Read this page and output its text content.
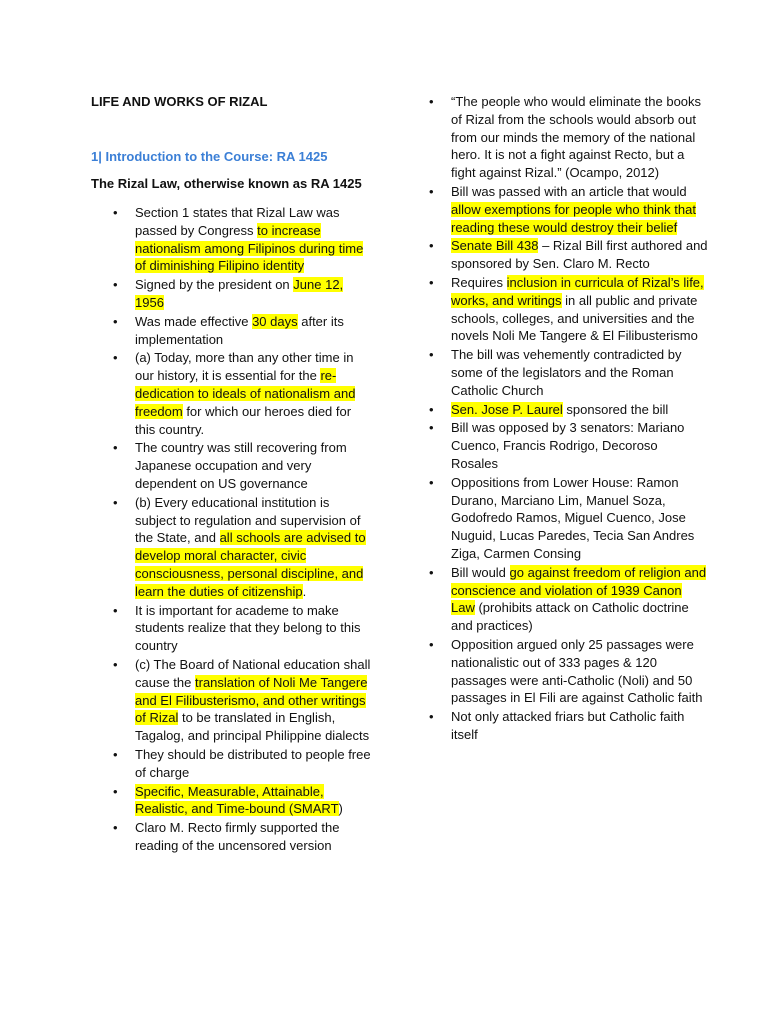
LIFE AND WORKS OF RIZAL
1| Introduction to the Course: RA 1425
The Rizal Law, otherwise known as RA 1425
• Section 1 states that Rizal Law was passed by Congress to increase nationalism among Filipinos during time of diminishing Filipino identity
• Signed by the president on June 12, 1956
• Was made effective 30 days after its implementation
• (a) Today, more than any other time in our history, it is essential for the re-dedication to ideals of nationalism and freedom for which our heroes died for this country.
• The country was still recovering from Japanese occupation and very dependent on US governance
• (b) Every educational institution is subject to regulation and supervision of the State, and all schools are advised to develop moral character, civic consciousness, personal discipline, and learn the duties of citizenship.
• It is important for academe to make students realize that they belong to this country
• (c) The Board of National education shall cause the translation of Noli Me Tangere and El Filibusterismo, and other writings of Rizal to be translated in English, Tagalog, and principal Philippine dialects
• They should be distributed to people free of charge
• Specific, Measurable, Attainable, Realistic, and Time-bound (SMART)
• Claro M. Recto firmly supported the reading of the uncensored version
• “The people who would eliminate the books of Rizal from the schools would absorb out from our minds the memory of the national hero. It is not a fight against Recto, but a fight against Rizal.” (Ocampo, 2012)
• Bill was passed with an article that would allow exemptions for people who think that reading these would destroy their belief
• Senate Bill 438 – Rizal Bill first authored and sponsored by Sen. Claro M. Recto
• Requires inclusion in curricula of Rizal’s life, works, and writings in all public and private schools, colleges, and universities and the novels Noli Me Tangere & El Filibusterismo
• The bill was vehemently contradicted by some of the legislators and the Roman Catholic Church
• Sen. Jose P. Laurel sponsored the bill
• Bill was opposed by 3 senators: Mariano Cuenco, Francis Rodrigo, Decoroso Rosales
• Oppositions from Lower House: Ramon Durano, Marciano Lim, Manuel Soza, Godofredo Ramos, Miguel Cuenco, Jose Nuguid, Lucas Paredes, Tecia San Andres Ziga, Carmen Consing
• Bill would go against freedom of religion and conscience and violation of 1939 Canon Law (prohibits attack on Catholic doctrine and practices)
• Opposition argued only 25 passages were nationalistic out of 333 pages & 120 passages were anti-Catholic (Noli) and 50 passages in El Fili are against Catholic faith
• Not only attacked friars but Catholic faith itself
